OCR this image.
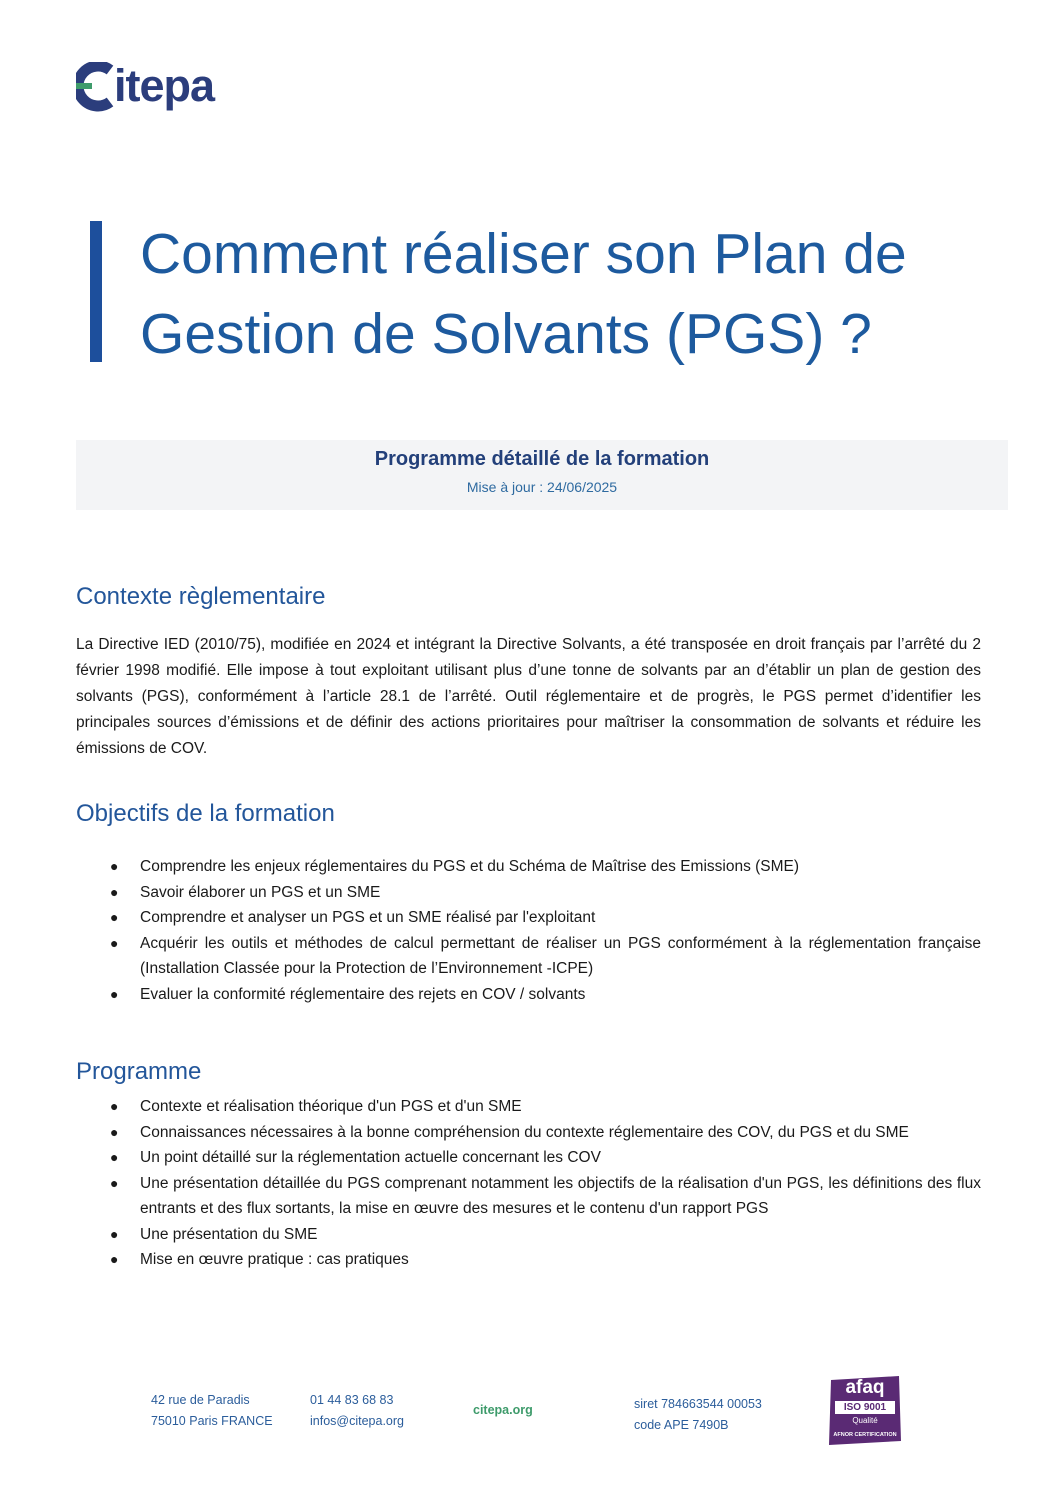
itepa
Comment réaliser son Plan de Gestion de Solvants (PGS) ?
Programme détaillé de la formation
Mise à jour : 24/06/2025
Contexte règlementaire

La Directive IED (2010/75), modifiée en 2024 et intégrant la Directive Solvants, a été transposée en droit français par l’arrêté du 2 février 1998 modifié. Elle impose à tout exploitant utilisant plus d’une tonne de solvants par an d’établir un plan de gestion des solvants (PGS), conformément à l’article 28.1 de l’arrêté. Outil réglementaire et de progrès, le PGS permet d’identifier les principales sources d’émissions et de définir des actions prioritaires pour maîtriser la consommation de solvants et réduire les émissions de COV.

Objectifs de la formation
● Comprendre les enjeux réglementaires du PGS et du Schéma de Maîtrise des Emissions (SME)
● Savoir élaborer un PGS et un SME
● Comprendre et analyser un PGS et un SME réalisé par l'exploitant
● Acquérir les outils et méthodes de calcul permettant de réaliser un PGS conformément à la réglementation française (Installation Classée pour la Protection de l’Environnement -ICPE)
● Evaluer la conformité réglementaire des rejets en COV / solvants
Programme
● Contexte et réalisation théorique d'un PGS et d'un SME
● Connaissances nécessaires à la bonne compréhension du contexte réglementaire des COV, du PGS et du SME
● Un point détaillé sur la réglementation actuelle concernant les COV
● Une présentation détaillée du PGS comprenant notamment les objectifs de la réalisation d'un PGS, les définitions des flux entrants et des flux sortants, la mise en œuvre des mesures et le contenu d'un rapport PGS
● Une présentation du SME
● Mise en œuvre pratique : cas pratiques
42 rue de Paradis
75010 Paris FRANCE
01 44 83 68 83
infos@citepa.org
citepa.org	siret 784663544 00053
code APE 7490B
afaq
ISO 9001
Qualité
AFNOR CERTIFICATION
